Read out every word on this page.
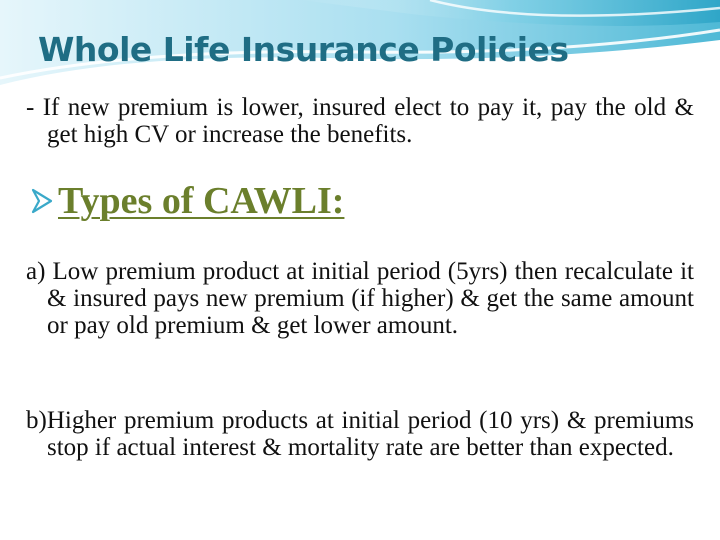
Whole Life Insurance Policies

- If new premium is lower, insured elect to pay it, pay the old & get high CV or increase the benefits.

Types of CAWLI:

a) Low premium product at initial period (5yrs) then recalculate it & insured pays new premium (if higher) & get the same amount or pay old premium & get lower amount.

b)Higher premium products at initial period (10 yrs) & premiums stop if actual interest & mortality rate are better than expected.
